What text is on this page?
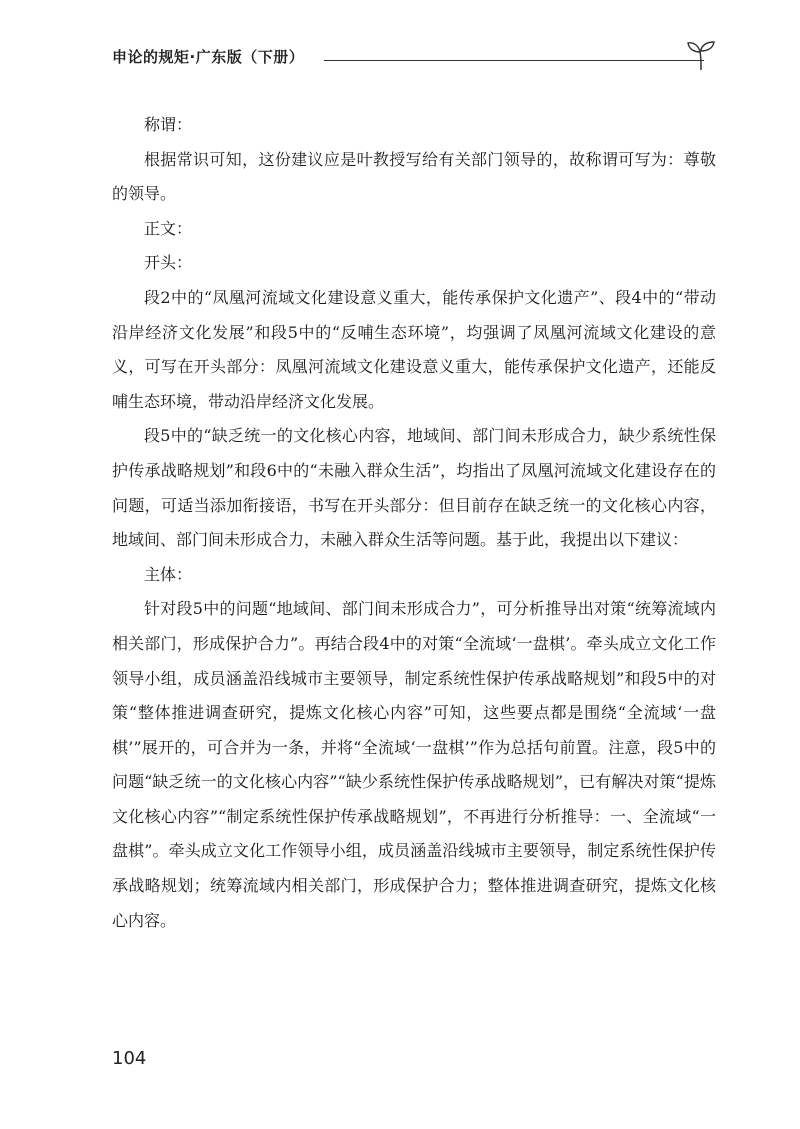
申论的规矩·广东版（下册）

称谓：

根据常识可知，这份建议应是叶教授写给有关部门领导的，故称谓可写为：尊敬的领导。

正文：

开头：

段2中的“凤凰河流域文化建设意义重大，能传承保护文化遗产”、段4中的“带动沿岸经济文化发展”和段5中的“反哺生态环境”，均强调了凤凰河流域文化建设的意义，可写在开头部分：凤凰河流域文化建设意义重大，能传承保护文化遗产，还能反哺生态环境，带动沿岸经济文化发展。

段5中的“缺乏统一的文化核心内容，地域间、部门间未形成合力，缺少系统性保护传承战略规划”和段6中的“未融入群众生活”，均指出了凤凰河流域文化建设存在的问题，可适当添加衔接语，书写在开头部分：但目前存在缺乏统一的文化核心内容，地域间、部门间未形成合力，未融入群众生活等问题。基于此，我提出以下建议：

主体：

针对段5中的问题“地域间、部门间未形成合力”，可分析推导出对策“统筹流域内相关部门，形成保护合力”。再结合段4中的对策“全流域‘一盘棋’。牵头成立文化工作领导小组，成员涵盖沿线城市主要领导，制定系统性保护传承战略规划”和段5中的对策“整体推进调查研究，提炼文化核心内容”可知，这些要点都是围绕“全流域‘一盘棋’”展开的，可合并为一条，并将“全流域‘一盘棋’”作为总括句前置。注意，段5中的问题“缺乏统一的文化核心内容”“缺少系统性保护传承战略规划”，已有解决对策“提炼文化核心内容”“制定系统性保护传承战略规划”，不再进行分析推导：一、全流域“一盘棋”。牵头成立文化工作领导小组，成员涵盖沿线城市主要领导，制定系统性保护传承战略规划；统筹流域内相关部门，形成保护合力；整体推进调查研究，提炼文化核心内容。

104
